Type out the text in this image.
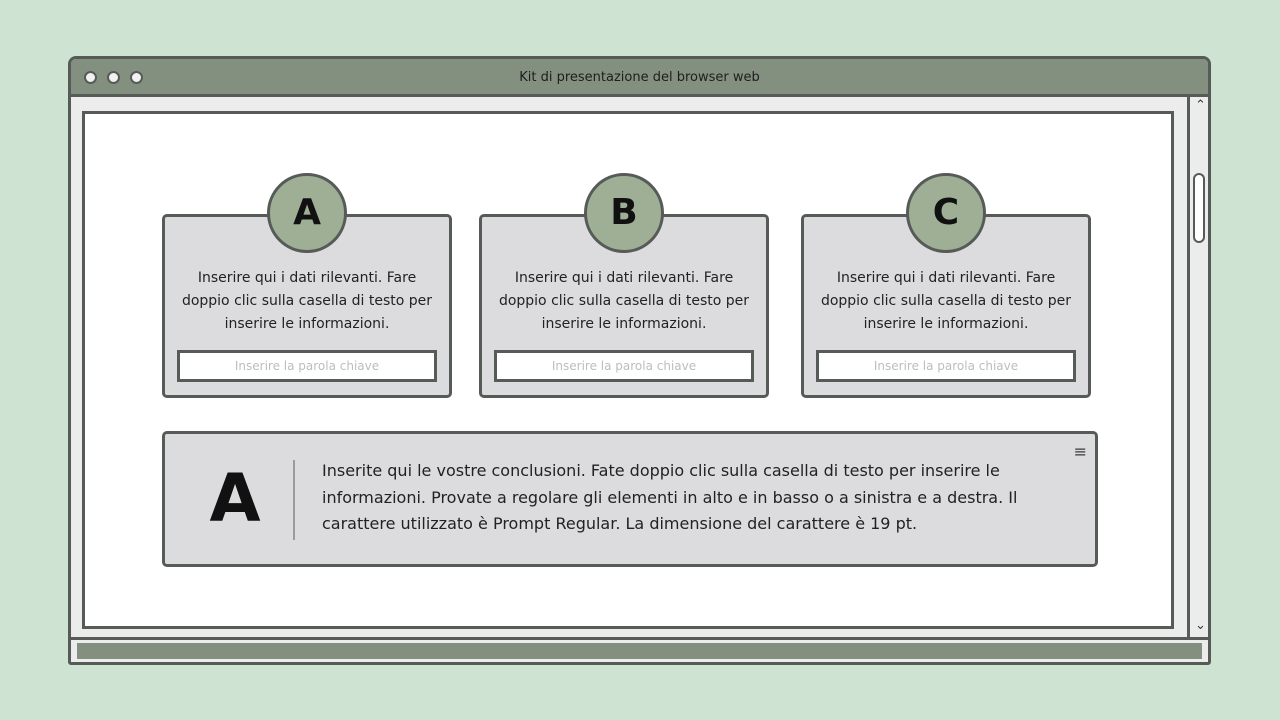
Kit di presentazione del browser web
⌃
⌄
Inserire qui i dati rilevanti. Fare doppio clic sulla casella di testo per inserire le informazioni.
Inserire la parola chiave
A
Inserire qui i dati rilevanti. Fare doppio clic sulla casella di testo per inserire le informazioni.
Inserire la parola chiave
B
Inserire qui i dati rilevanti. Fare doppio clic sulla casella di testo per inserire le informazioni.
Inserire la parola chiave
C
A	Inserite qui le vostre conclusioni. Fate doppio clic sulla casella di testo per inserire le informazioni. Provate a regolare gli elementi in alto e in basso o a sinistra e a destra. Il carattere utilizzato è Prompt Regular. La dimensione del carattere è 19 pt.
≡
